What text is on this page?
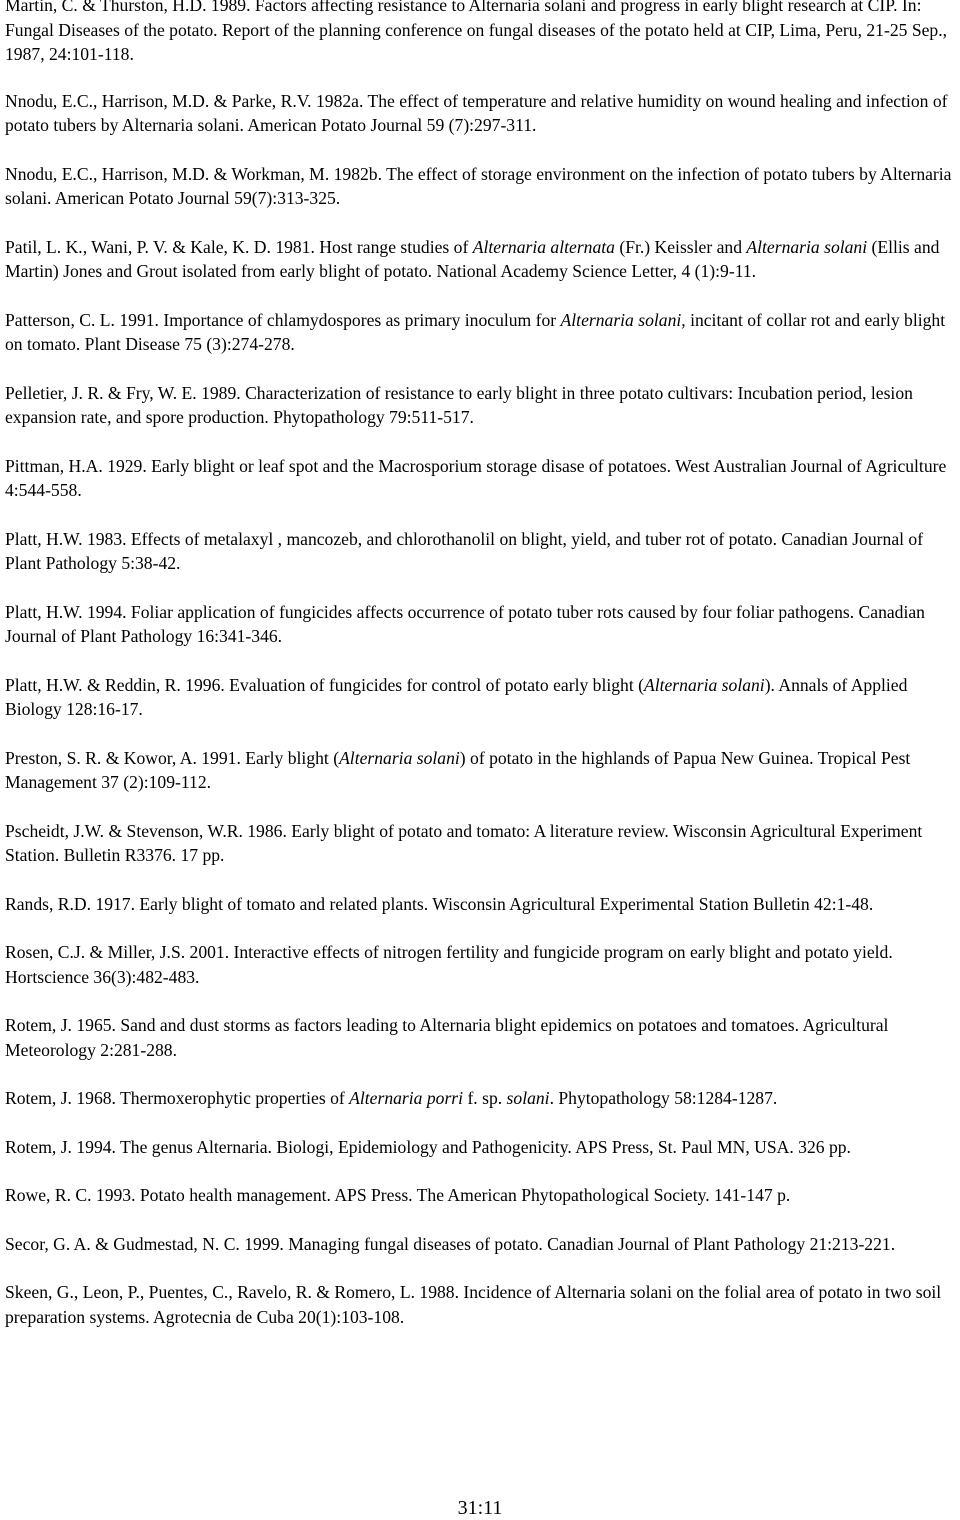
Martin, C. & Thurston, H.D. 1989. Factors affecting resistance to Alternaria solani and progress in early blight research at CIP. In: Fungal Diseases of the potato. Report of the planning conference on fungal diseases of the potato held at CIP, Lima, Peru, 21-25 Sep., 1987, 24:101-118.
Nnodu, E.C., Harrison, M.D. & Parke, R.V. 1982a. The effect of temperature and relative humidity on wound healing and infection of potato tubers by Alternaria solani. American Potato Journal 59 (7):297-311.
Nnodu, E.C., Harrison, M.D. & Workman, M. 1982b. The effect of storage environment on the infection of potato tubers by Alternaria solani. American Potato Journal 59(7):313-325.
Patil, L. K., Wani, P. V. & Kale, K. D. 1981. Host range studies of Alternaria alternata (Fr.) Keissler and Alternaria solani (Ellis and Martin) Jones and Grout isolated from early blight of potato. National Academy Science Letter, 4 (1):9-11.
Patterson, C. L. 1991. Importance of chlamydospores as primary inoculum for Alternaria solani, incitant of collar rot and early blight on tomato. Plant Disease 75 (3):274-278.
Pelletier, J. R. & Fry, W. E. 1989. Characterization of resistance to early blight in three potato cultivars: Incubation period, lesion expansion rate, and spore production. Phytopathology 79:511-517.
Pittman, H.A. 1929. Early blight or leaf spot and the Macrosporium storage disase of potatoes. West Australian Journal of Agriculture 4:544-558.
Platt, H.W. 1983. Effects of metalaxyl , mancozeb, and chlorothanolil on blight, yield, and tuber rot of potato. Canadian Journal of Plant Pathology 5:38-42.
Platt, H.W. 1994. Foliar application of fungicides affects occurrence of potato tuber rots caused by four foliar pathogens. Canadian Journal of Plant Pathology 16:341-346.
Platt, H.W. & Reddin, R. 1996. Evaluation of fungicides for control of potato early blight (Alternaria solani). Annals of Applied Biology 128:16-17.
Preston, S. R. & Kowor, A. 1991. Early blight (Alternaria solani) of potato in the highlands of Papua New Guinea. Tropical Pest Management 37 (2):109-112.
Pscheidt, J.W. & Stevenson, W.R. 1986. Early blight of potato and tomato: A literature review. Wisconsin Agricultural Experiment Station. Bulletin R3376. 17 pp.
Rands, R.D. 1917. Early blight of tomato and related plants. Wisconsin Agricultural Experimental Station Bulletin 42:1-48.
Rosen, C.J. & Miller, J.S. 2001. Interactive effects of nitrogen fertility and fungicide program on early blight and potato yield. Hortscience 36(3):482-483.
Rotem, J. 1965. Sand and dust storms as factors leading to Alternaria blight epidemics on potatoes and tomatoes. Agricultural Meteorology 2:281-288.
Rotem, J. 1968. Thermoxerophytic properties of Alternaria porri f. sp. solani. Phytopathology 58:1284-1287.
Rotem, J. 1994. The genus Alternaria. Biologi, Epidemiology and Pathogenicity. APS Press, St. Paul MN, USA. 326 pp.
Rowe, R. C. 1993. Potato health management. APS Press. The American Phytopathological Society. 141-147 p.
Secor, G. A. & Gudmestad, N. C. 1999. Managing fungal diseases of potato. Canadian Journal of Plant Pathology 21:213-221.
Skeen, G., Leon, P., Puentes, C., Ravelo, R. & Romero, L. 1988. Incidence of Alternaria solani on the folial area of potato in two soil preparation systems. Agrotecnia de Cuba 20(1):103-108.
31:11
